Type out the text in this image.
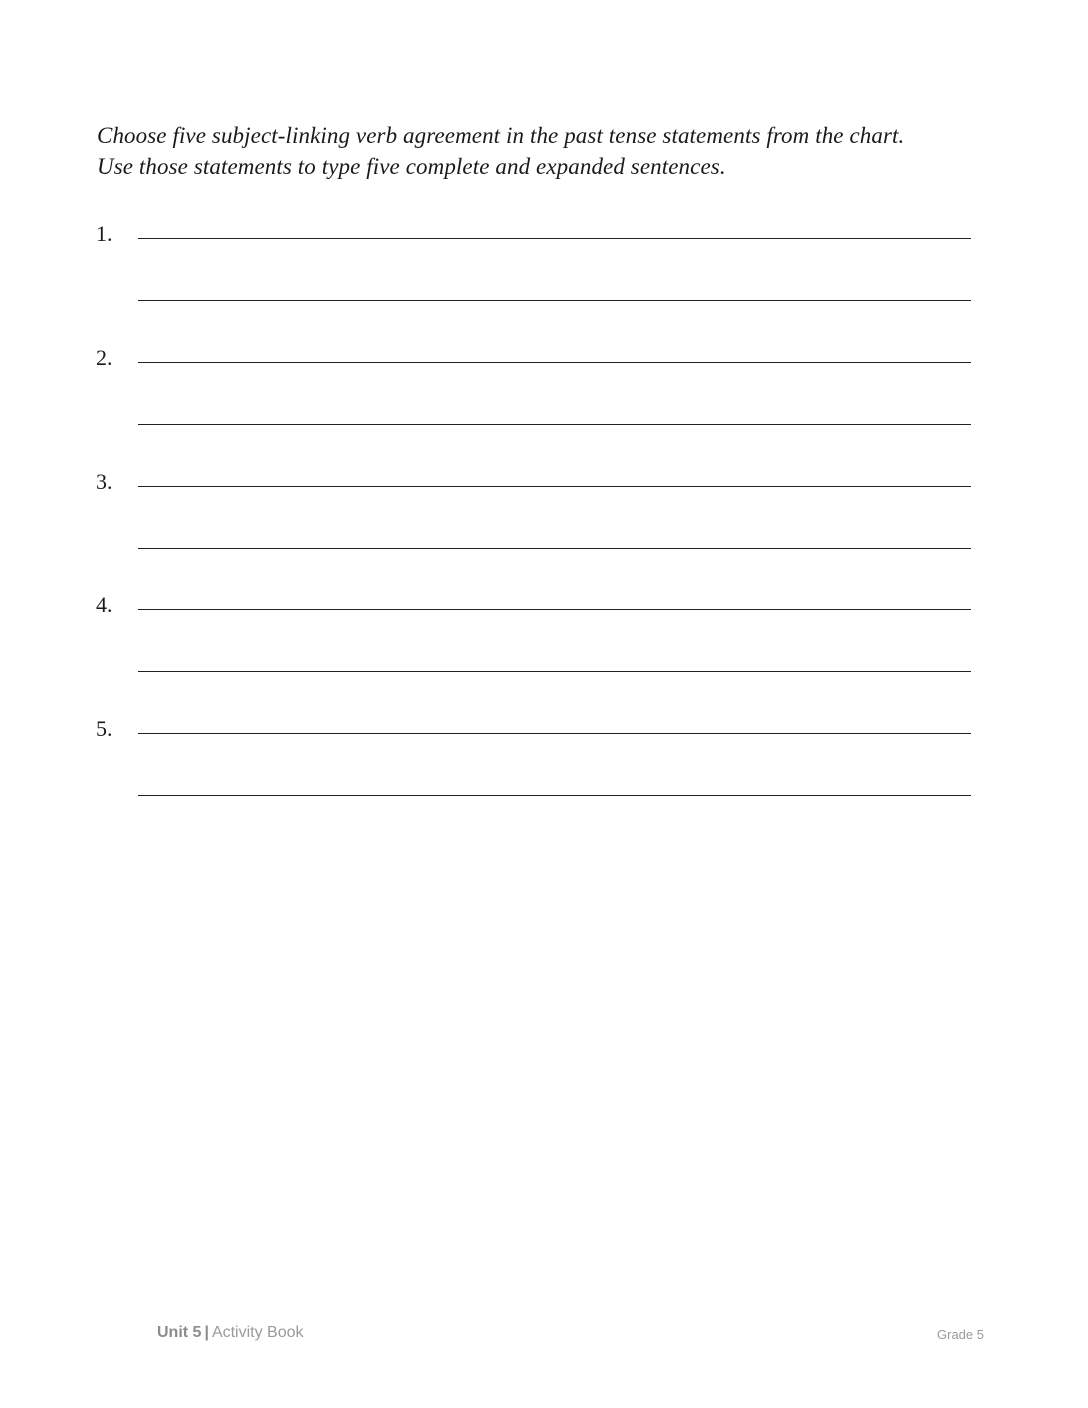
Choose five subject-linking verb agreement in the past tense statements from the chart.
Use those statements to type five complete and expanded sentences.
1.
2.
3.
4.
5.
Unit 5 | Activity Book	Grade 5
